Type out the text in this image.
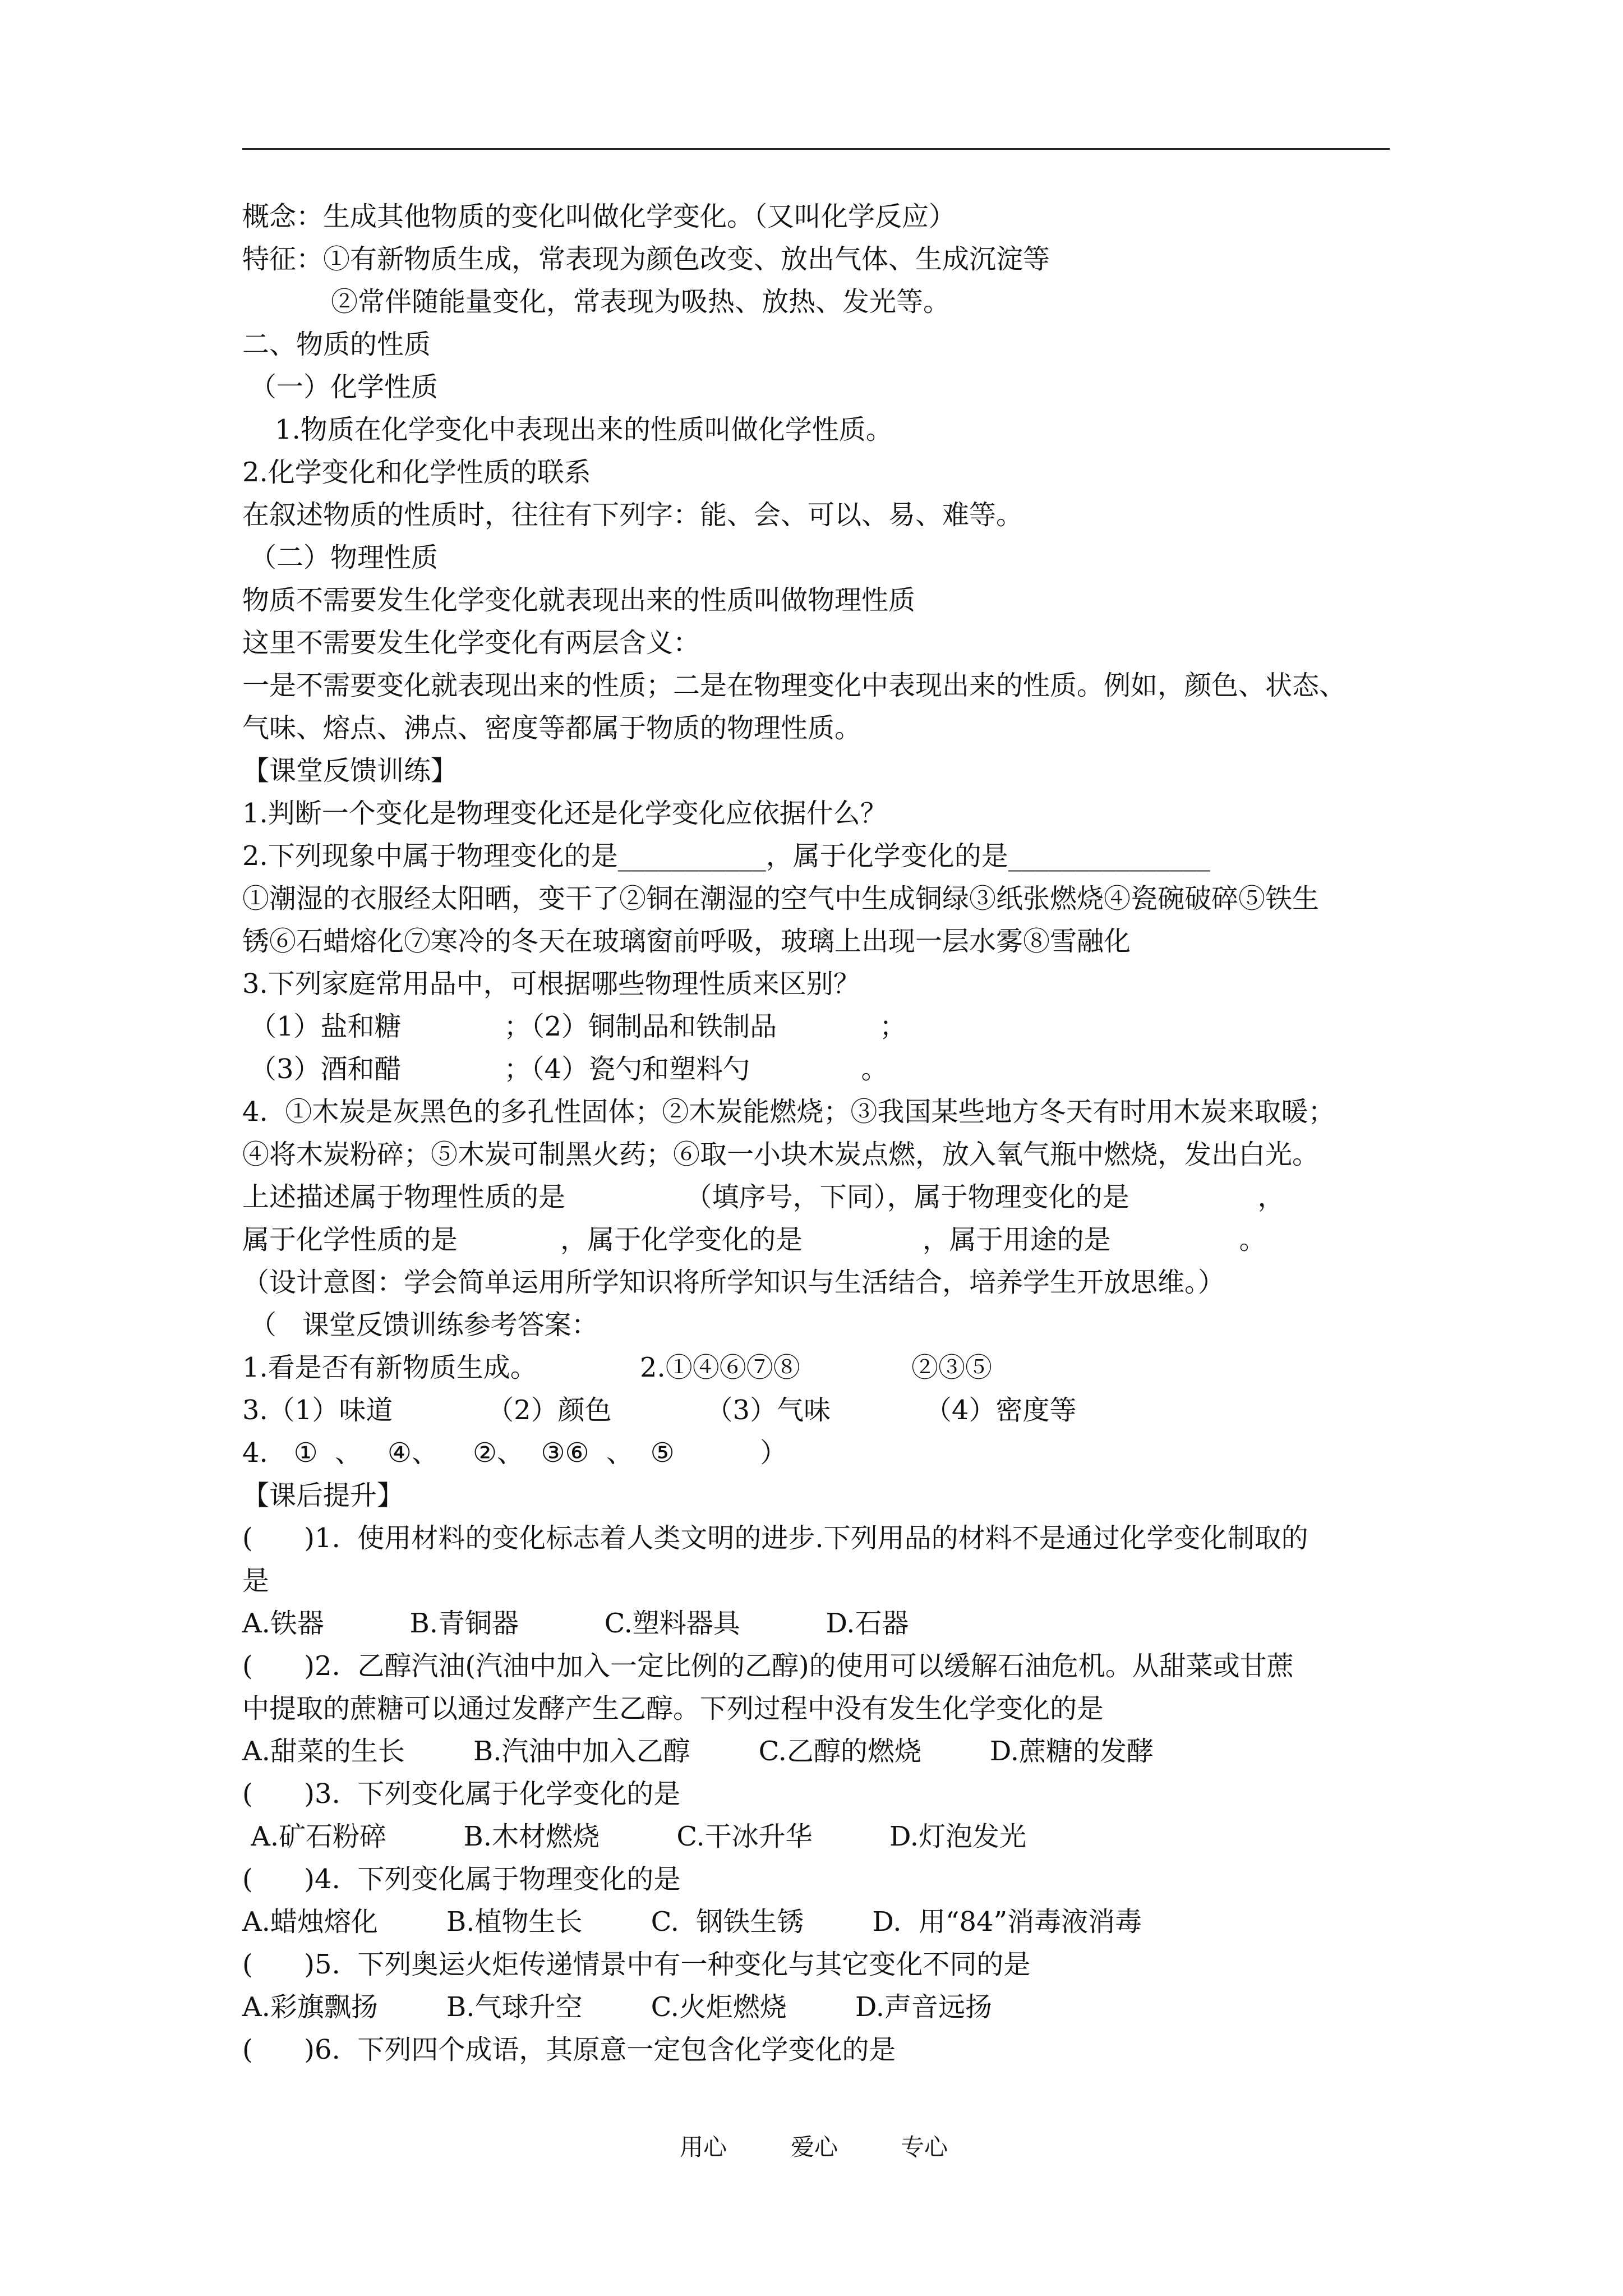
概念：生成其他物质的变化叫做化学变化。（又叫化学反应）
特征：①有新物质生成，常表现为颜色改变、放出气体、生成沉淀等
②常伴随能量变化，常表现为吸热、放热、发光等。
二、物质的性质
（一）化学性质
1.物质在化学变化中表现出来的性质叫做化学性质。
2.化学变化和化学性质的联系
在叙述物质的性质时，往往有下列字：能、会、可以、易、难等。
（二）物理性质
物质不需要发生化学变化就表现出来的性质叫做物理性质
这里不需要发生化学变化有两层含义：
一是不需要变化就表现出来的性质；二是在物理变化中表现出来的性质。例如，颜色、状态、
气味、熔点、沸点、密度等都属于物质的物理性质。
【课堂反馈训练】
1.判断一个变化是物理变化还是化学变化应依据什么？
2.下列现象中属于物理变化的是___________，属于化学变化的是_______________
①潮湿的衣服经太阳晒，变干了②铜在潮湿的空气中生成铜绿③纸张燃烧④瓷碗破碎⑤铁生
锈⑥石蜡熔化⑦寒冷的冬天在玻璃窗前呼吸，玻璃上出现一层水雾⑧雪融化
3.下列家庭常用品中，可根据哪些物理性质来区别？
（1）盐和糖            ；（2）铜制品和铁制品            ；
（3）酒和醋            ；（4）瓷勺和塑料勺             。
4.  ①木炭是灰黑色的多孔性固体；②木炭能燃烧；③我国某些地方冬天有时用木炭来取暖；
④将木炭粉碎；⑤木炭可制黑火药；⑥取一小块木炭点燃，放入氧气瓶中燃烧，发出白光。
上述描述属于物理性质的是              （填序号，下同），属于物理变化的是               ，
属于化学性质的是            ，属于化学变化的是              ，属于用途的是               。
（设计意图：学会简单运用所学知识将所学知识与生活结合，培养学生开放思维。）
（   课堂反馈训练参考答案：
1.看是否有新物质生成。            2.①④⑥⑦⑧             ②③⑤
3.（1）味道           （2）颜色           （3）气味           （4）密度等
4.   ①  、   ④、    ②、  ③⑥  、  ⑤          ）
【课后提升】
(      )1.  使用材料的变化标志着人类文明的进步.下列用品的材料不是通过化学变化制取的
是
A.铁器          B.青铜器          C.塑料器具          D.石器
(      )2.  乙醇汽油(汽油中加入一定比例的乙醇)的使用可以缓解石油危机。从甜菜或甘蔗
中提取的蔗糖可以通过发酵产生乙醇。下列过程中没有发生化学变化的是
A.甜菜的生长        B.汽油中加入乙醇        C.乙醇的燃烧        D.蔗糖的发酵
(      )3.  下列变化属于化学变化的是
A.矿石粉碎         B.木材燃烧         C.干冰升华         D.灯泡发光
(      )4.  下列变化属于物理变化的是
A.蜡烛熔化        B.植物生长        C.  钢铁生锈        D.  用“84”消毒液消毒
(      )5.  下列奥运火炬传递情景中有一种变化与其它变化不同的是
A.彩旗飘扬        B.气球升空        C.火炬燃烧        D.声音远扬
(      )6.  下列四个成语，其原意一定包含化学变化的是
用心	爱心	专心
